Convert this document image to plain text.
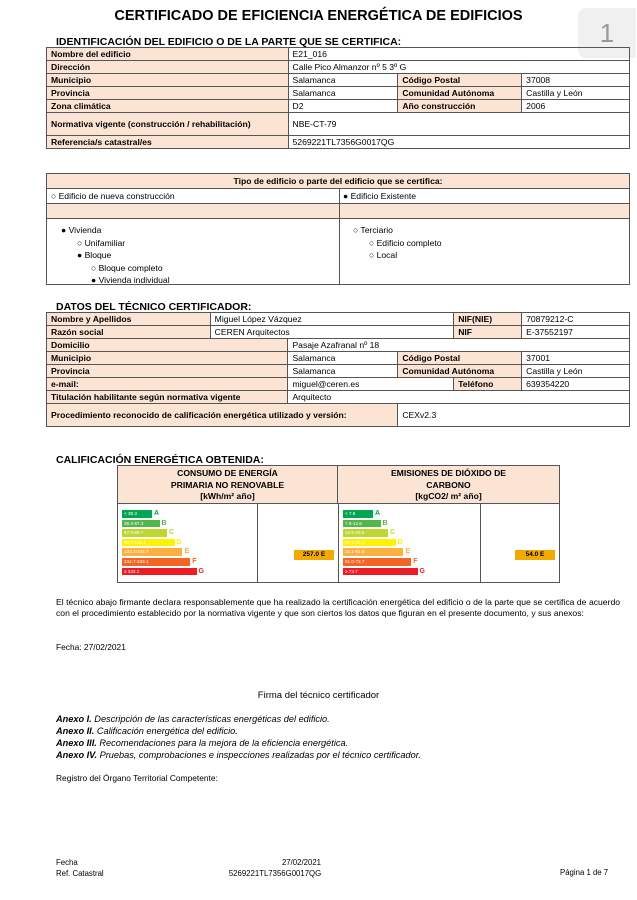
CERTIFICADO DE EFICIENCIA ENERGÉTICA DE EDIFICIOS
1
IDENTIFICACIÓN DEL EDIFICIO O DE LA PARTE QUE SE CERTIFICA:
Nombre del edificio	E21_016		
Dirección	Calle Pico Almanzor nº 5 3º G		
Municipio	Salamanca	Código Postal	37008
Provincia	Salamanca	Comunidad Autónoma	Castilla y León
Zona climática	D2	Año construcción	2006
Normativa vigente (construcción / rehabilitación)	NBE-CT-79		
Referencia/s catastral/es	5269221TL7356G0017QG		
Tipo de edificio o parte del edificio que se certifica:
○ Edificio de nueva construcción	● Edificio Existente
● Vivienda
○ Unifamiliar
● Bloque
○ Bloque completo
● Vivienda individual
○ Terciario
○ Edificio completo
○ Local
DATOS DEL TÉCNICO CERTIFICADOR:
Nombre y Apellidos	Miguel López Vázquez			NIF(NIE)	70879212-C
Razón social	CEREN Arquitectos			NIF	E-37552197
Domicilio		Pasaje Azafranal nº 18			
Municipio		Salamanca	Código Postal		37001
Provincia		Salamanca	Comunidad Autónoma		Castilla y León
e-mail:		miguel@ceren.es		Teléfono	639354220
Titulación habilitante según normativa vigente		Arquitecto			
Procedimiento reconocido de calificación energética utilizado y versión:			CEXv2.3		
CALIFICACIÓN ENERGÉTICA OBTENIDA:
CONSUMO DE ENERGÍA
PRIMARIA NO RENOVABLE
[kWh/m² año]
EMISIONES DE DIÓXIDO DE
CARBONO
[kgCO2/ m² año]
< 38.3 A
38.3-67.3	B
67.3-89.7	C
89.7-133.1	D
133.1-234.7	E
234.7-333.1	F
≥ 333.1	G
< 7.8	A
7.8-12.6	B
12.6-19.5	C
19.5-30.1	D
30.1-61.0	E
61.0-73.7	F
≥ 73.7	G
257.0 E	54.0 E
El técnico abajo firmante declara responsablemente que ha realizado la certificación energética del edificio o de la parte que se certifica de acuerdo con el procedimiento establecido por la normativa vigente y que son ciertos los datos que figuran en el presente documento, y sus anexos:
Fecha: 27/02/2021
Firma del técnico certificador
Anexo I. Descripción de las características energéticas del edificio.
Anexo II. Calificación energética del edificio.
Anexo III. Recomendaciones para la mejora de la eficiencia energética.
Anexo IV. Pruebas, comprobaciones e inspecciones realizadas por el técnico certificador.
Registro del Órgano Territorial Competente:
Fecha
Ref. Catastral
27/02/2021
5269221TL7356G0017QG	Página 1 de 7
